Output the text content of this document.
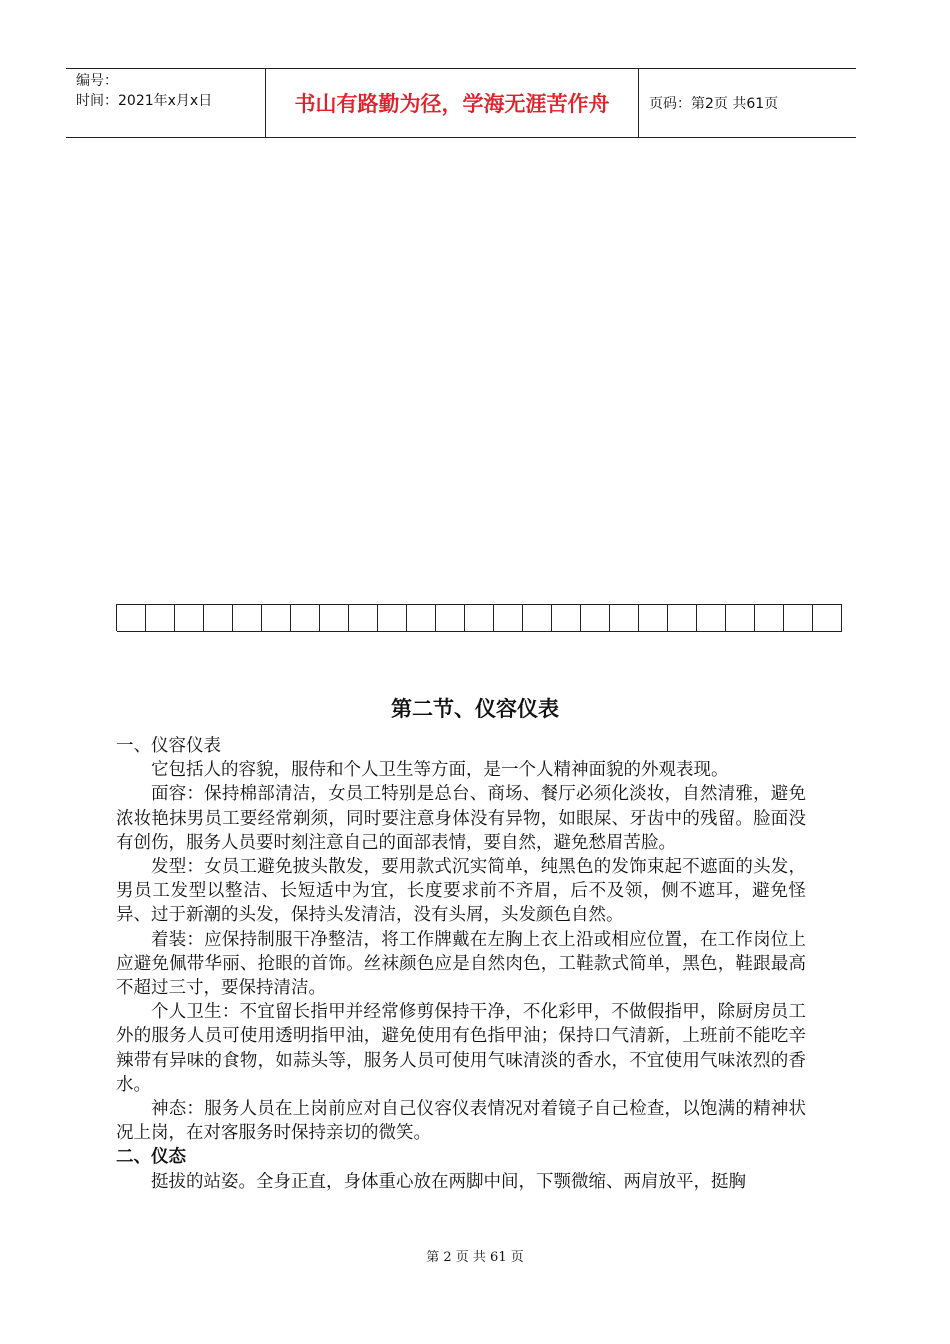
编号：
时间：2021年x月x日	书山有路勤为径，学海无涯苦作舟	页码：第2页 共61页
第二节、仪容仪表

一、仪容仪表

它包括人的容貌，服侍和个人卫生等方面，是一个人精神面貌的外观表现。

面容：保持棉部清洁，女员工特别是总台、商场、餐厅必须化淡妆，自然清雅，避免浓妆艳抹男员工要经常剃须，同时要注意身体没有异物，如眼屎、牙齿中的残留。脸面没有创伤，服务人员要时刻注意自己的面部表情，要自然，避免愁眉苦脸。

发型：女员工避免披头散发，要用款式沉实简单，纯黑色的发饰束起不遮面的头发，男员工发型以整洁、长短适中为宜，长度要求前不齐眉，后不及领，侧不遮耳，避免怪异、过于新潮的头发，保持头发清洁，没有头屑，头发颜色自然。

着装：应保持制服干净整洁，将工作牌戴在左胸上衣上沿或相应位置，在工作岗位上应避免佩带华丽、抢眼的首饰。丝袜颜色应是自然肉色，工鞋款式简单，黑色，鞋跟最高不超过三寸，要保持清洁。

个人卫生：不宜留长指甲并经常修剪保持干净，不化彩甲，不做假指甲，除厨房员工外的服务人员可使用透明指甲油，避免使用有色指甲油；保持口气清新，上班前不能吃辛辣带有异味的食物，如蒜头等，服务人员可使用气味清淡的香水，不宜使用气味浓烈的香水。

神态：服务人员在上岗前应对自己仪容仪表情况对着镜子自己检查，以饱满的精神状况上岗，在对客服务时保持亲切的微笑。

二、仪态

挺拔的站姿。全身正直，身体重心放在两脚中间，下颚微缩、两肩放平，挺胸

第 2 页 共 61 页
